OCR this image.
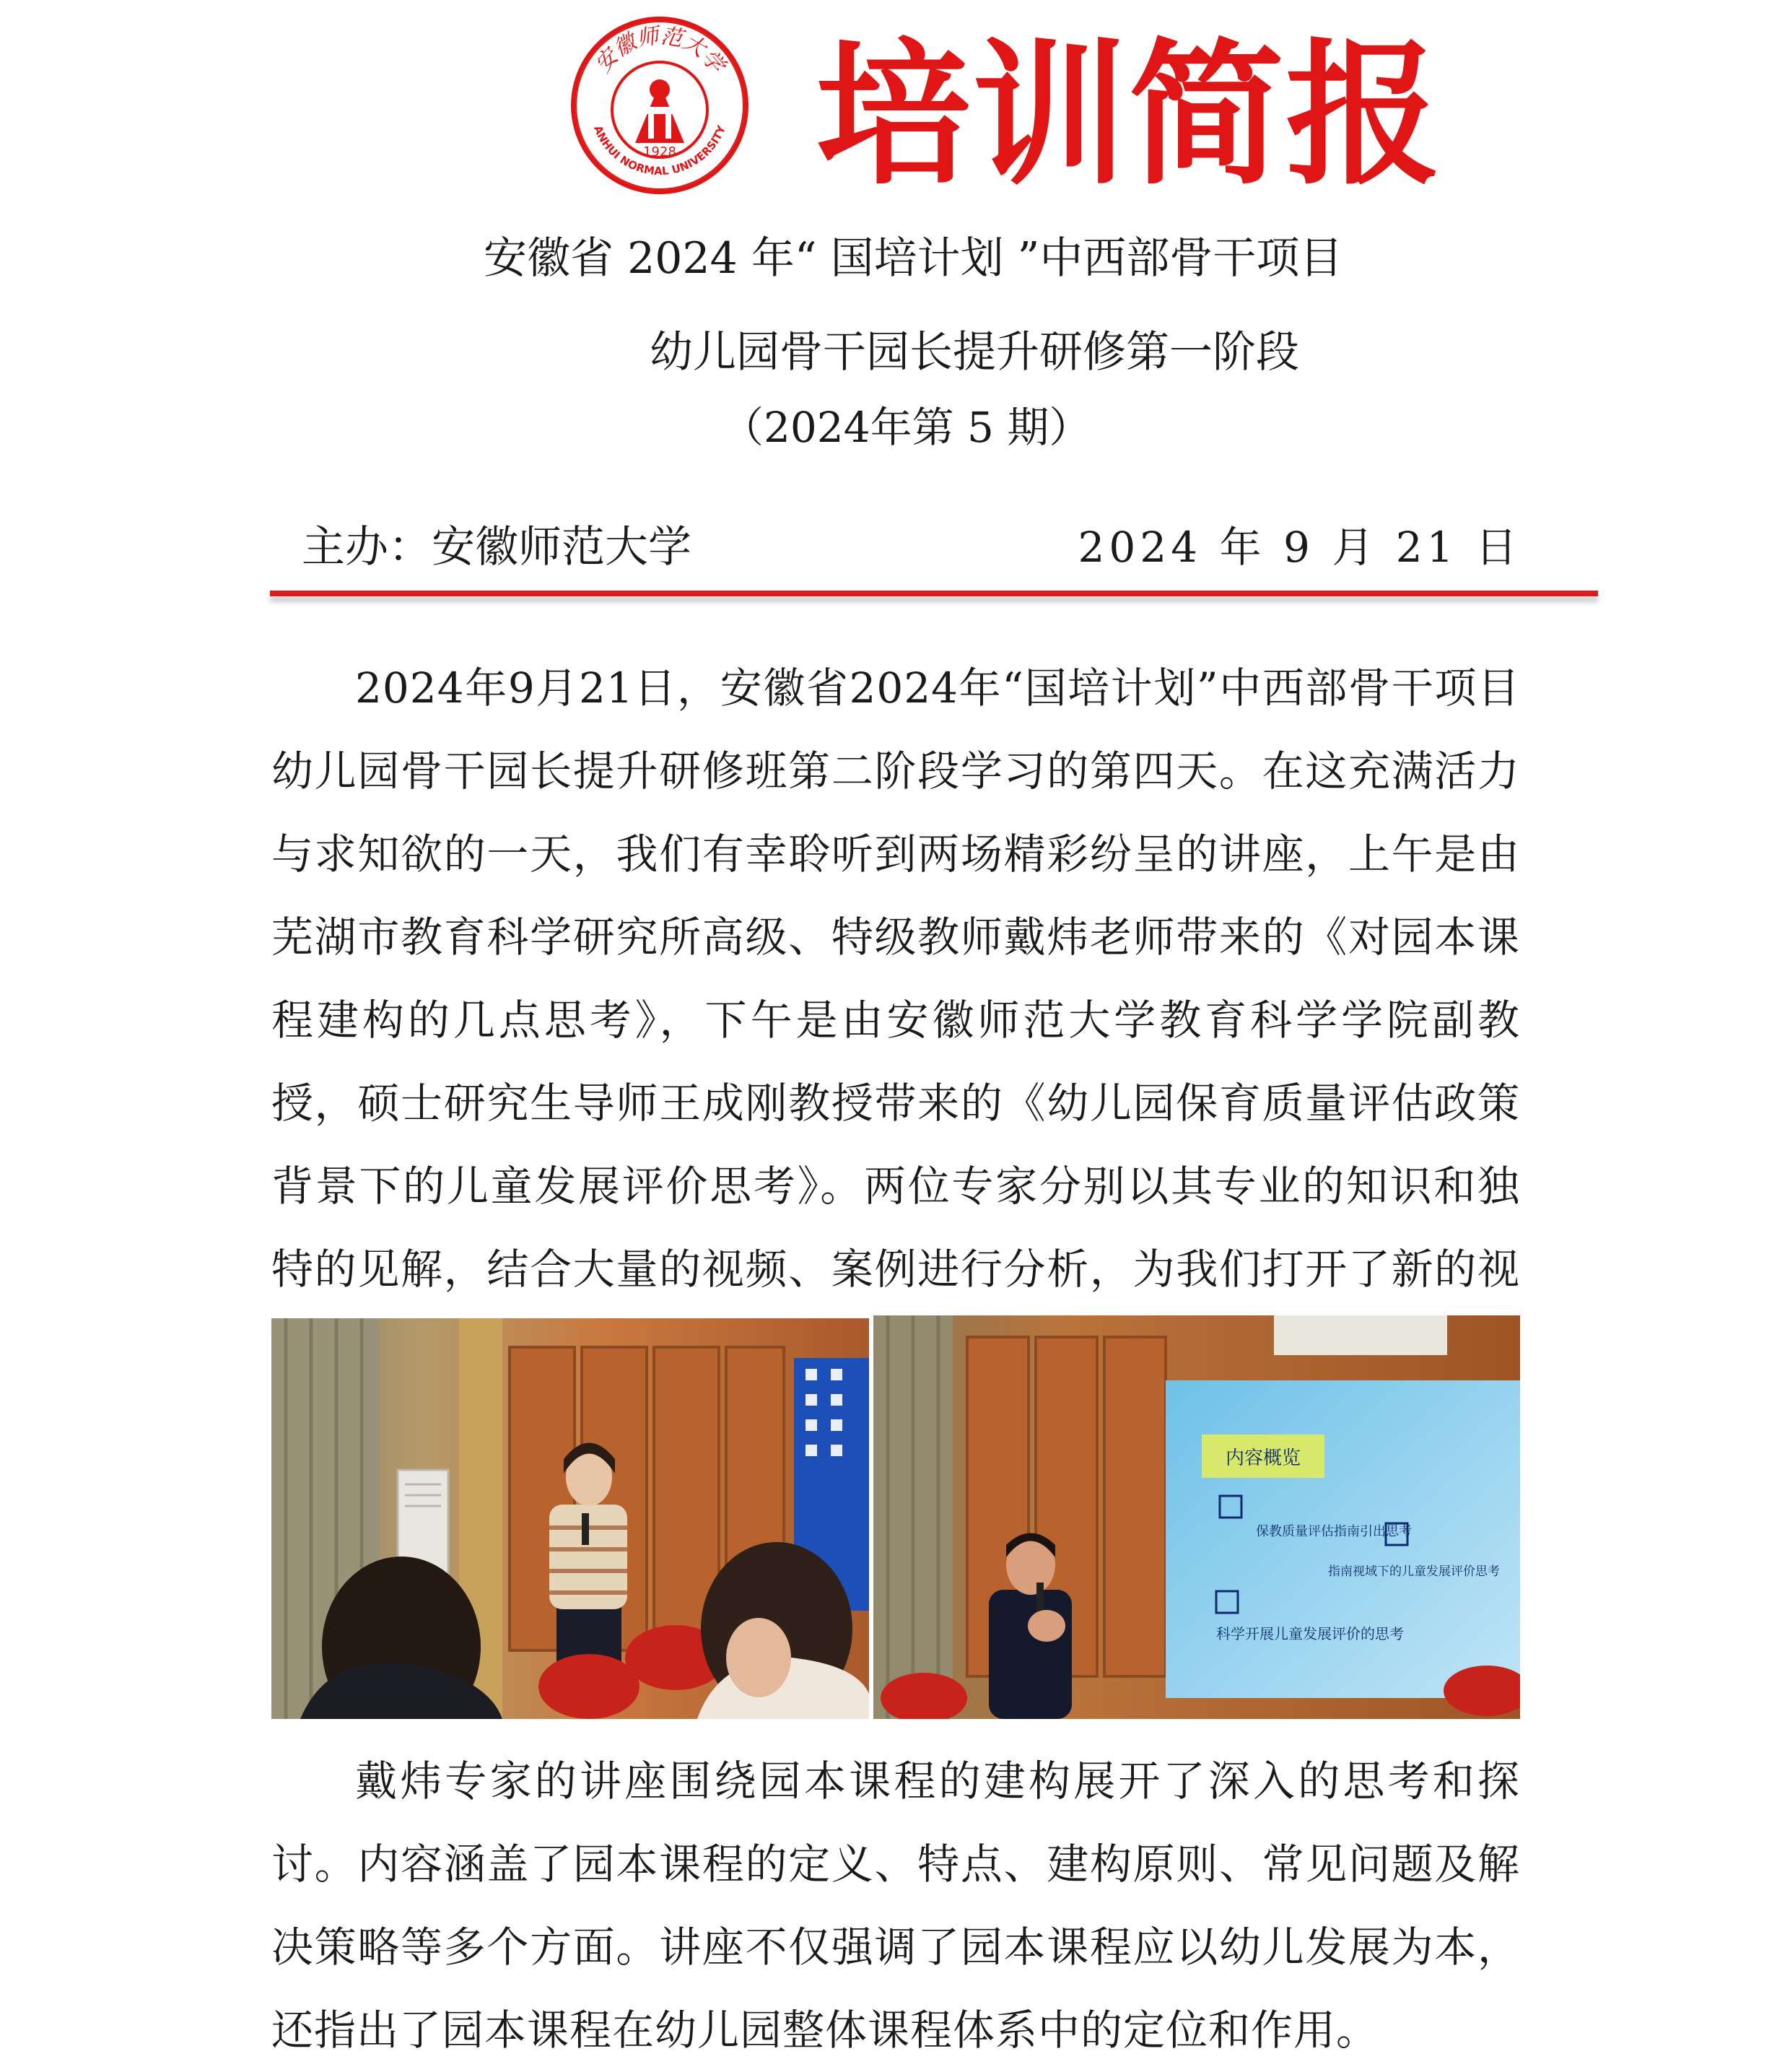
安徽师范大学
ANHUI NORMAL UNIVERSITY
1928 培训简报
安徽省 2024 年“ 国培计划 ”中西部骨干项目
幼儿园骨干园长提升研修第一阶段
（2024年第 5 期）
主办：安徽师范大学	2024 年 9 月 21 日

2024年9月21日，安徽省2024年“国培计划”中西部骨干项目幼儿园骨干园长提升研修班第二阶段学习的第四天。在这充满活力与求知欲的一天，我们有幸聆听到两场精彩纷呈的讲座，上午是由芜湖市教育科学研究所高级、特级教师戴炜老师带来的《对园本课程建构的几点思考》，下午是由安徽师范大学教育科学学院副教授，硕士研究生导师王成刚教授带来的《幼儿园保育质量评估政策背景下的儿童发展评价思考》。两位专家分别以其专业的知识和独特的见解，结合大量的视频、案例进行分析，为我们打开了新的视

内容概览
保教质量评估指南引出思考
指南视域下的儿童发展评价思考
科学开展儿童发展评价的思考

戴炜专家的讲座围绕园本课程的建构展开了深入的思考和探讨。内容涵盖了园本课程的定义、特点、建构原则、常见问题及解决策略等多个方面。讲座不仅强调了园本课程应以幼儿发展为本，还指出了园本课程在幼儿园整体课程体系中的定位和作用。
